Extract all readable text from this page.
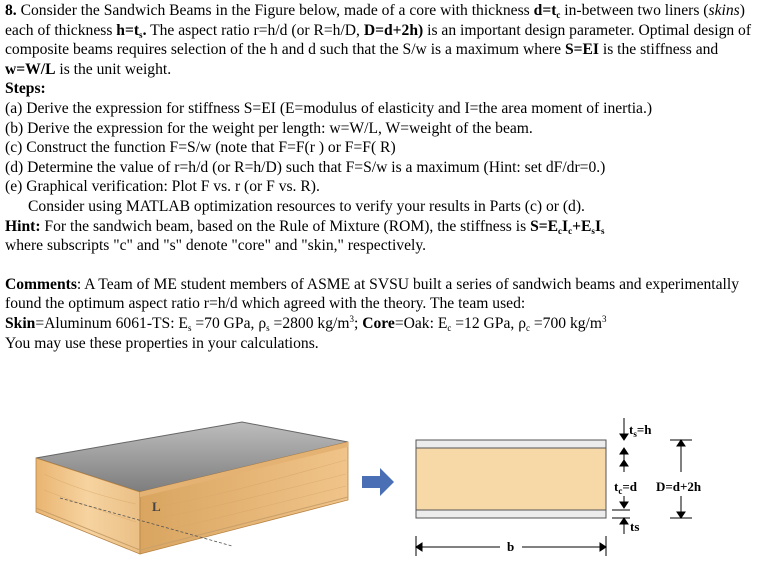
8. Consider the Sandwich Beams in the Figure below, made of a core with thickness $d=t_c$ in-between two liners (skins) each of thickness $h=t_s$. The aspect ratio r=h/d (or R=h/D, D=d+2h) is an important design parameter. Optimal design of composite beams requires selection of the h and d such that the S/w is a maximum where S=EI is the stiffness and w=W/L is the unit weight.

Steps:

(a) Derive the expression for stiffness S=EI (E=modulus of elasticity and I=the area moment of inertia.)

(b) Derive the expression for the weight per length: w=W/L, W=weight of the beam.

(c) Construct the function F=S/w (note that F=F(r ) or F=F( R)

(d) Determine the value of r=h/d (or R=h/D) such that F=S/w is a maximum (Hint: set dF/dr=0.)

(e) Graphical verification: Plot F vs. r (or F vs. R).

Consider using MATLAB optimization resources to verify your results in Parts (c) or (d).

Hint: For the sandwich beam, based on the Rule of Mixture (ROM), the stiffness is $S=E_cI_c+E_sI_s$
where subscripts "c" and "s" denote "core" and "skin," respectively.

Comments: A Team of ME student members of ASME at SVSU built a series of sandwich beams and experimentally found the optimum aspect ratio r=h/d which agreed with the theory. The team used:
Skin=Aluminum 6061-TS: $E_s =70$ GPa, $\rho_s =2800$ $kg/m^3$; Core=Oak: $E_c =12$ GPa, $\rho_c =700$ $kg/m^3$
You may use these properties in your calculations.

L
$t_s=h$
$t_c=d$
ts
D=d+2h
b
